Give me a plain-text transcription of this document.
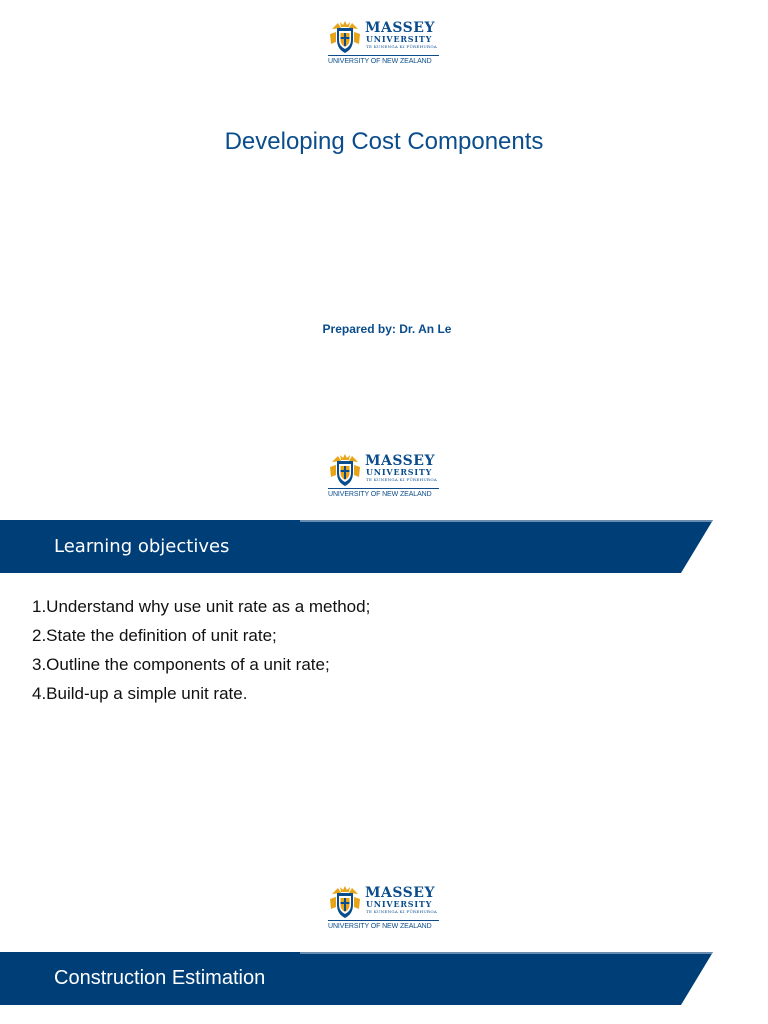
MASSEY
UNIVERSITY
TE KUNENGA KI PŪREHUROA
UNIVERSITY OF NEW ZEALAND
Developing Cost Components
Prepared by: Dr. An Le
MASSEY
UNIVERSITY
TE KUNENGA KI PŪREHUROA
UNIVERSITY OF NEW ZEALAND
Learning objectives
1.Understand why use unit rate as a method;
2.State the definition of unit rate;
3.Outline the components of a unit rate;
4.Build-up a simple unit rate.
MASSEY
UNIVERSITY
TE KUNENGA KI PŪREHUROA
UNIVERSITY OF NEW ZEALAND
Construction Estimation
